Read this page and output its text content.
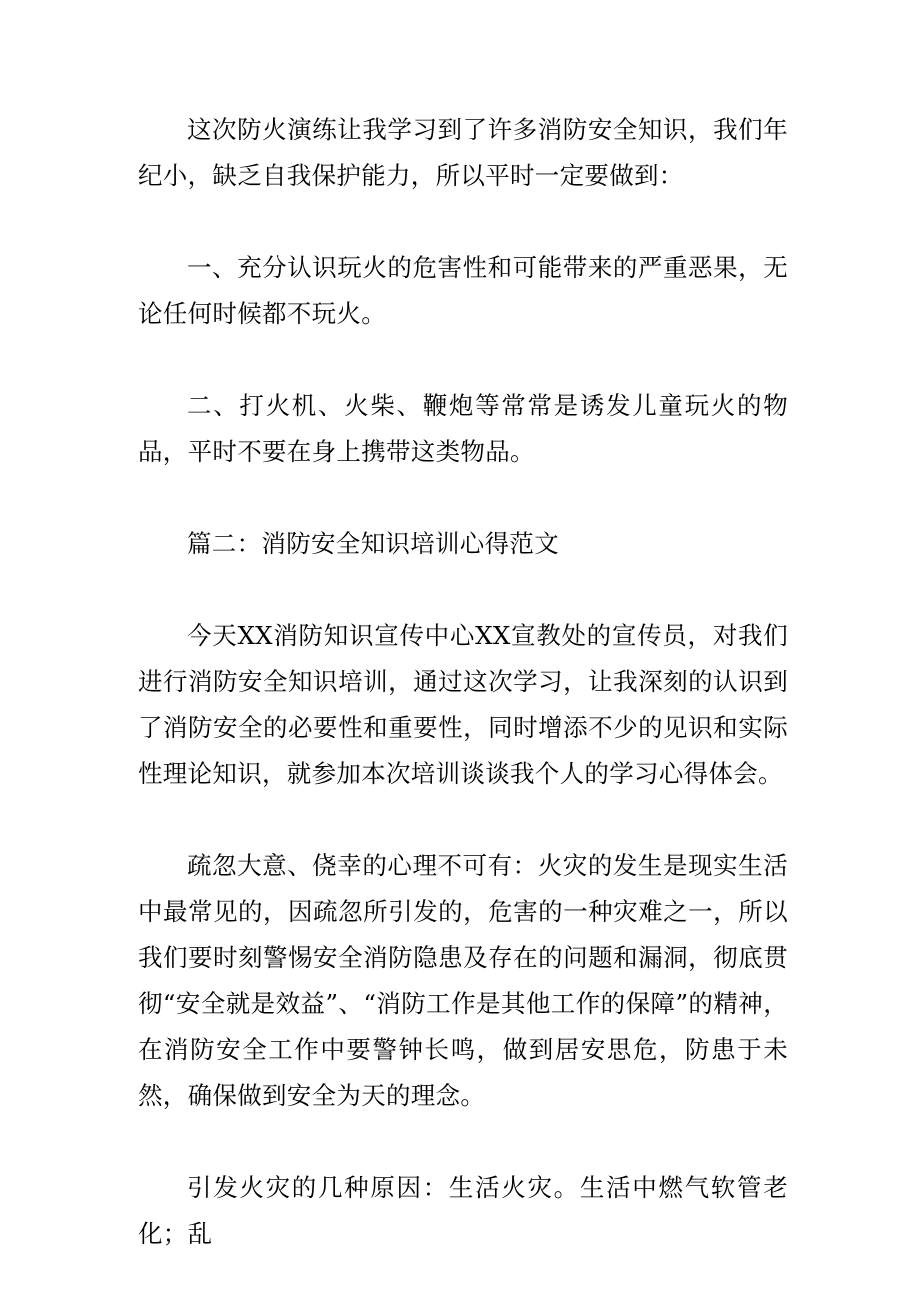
这次防火演练让我学习到了许多消防安全知识，我们年纪小，缺乏自我保护能力，所以平时一定要做到：

一、充分认识玩火的危害性和可能带来的严重恶果，无论任何时候都不玩火。

二、打火机、火柴、鞭炮等常常是诱发儿童玩火的物品，平时不要在身上携带这类物品。

篇二：消防安全知识培训心得范文

今天XX消防知识宣传中心XX宣教处的宣传员，对我们进行消防安全知识培训，通过这次学习，让我深刻的认识到了消防安全的必要性和重要性，同时增添不少的见识和实际性理论知识，就参加本次培训谈谈我个人的学习心得体会。

疏忽大意、侥幸的心理不可有：火灾的发生是现实生活中最常见的，因疏忽所引发的，危害的一种灾难之一，所以我们要时刻警惕安全消防隐患及存在的问题和漏洞，彻底贯彻“安全就是效益”、“消防工作是其他工作的保障”的精神，在消防安全工作中要警钟长鸣，做到居安思危，防患于未然，确保做到安全为天的理念。

引发火灾的几种原因：生活火灾。生活中燃气软管老化；乱
